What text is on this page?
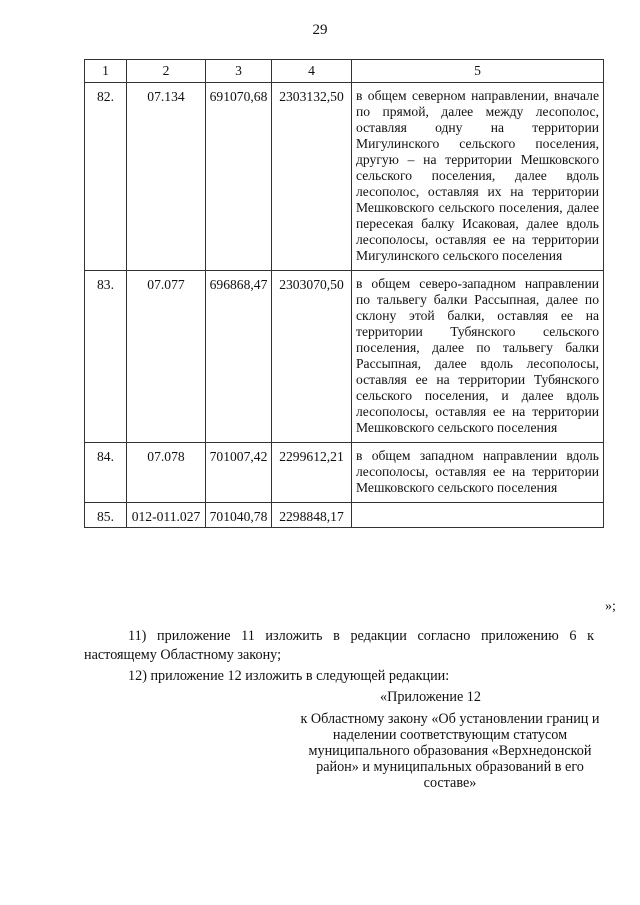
29
1	2	3	4	5
82.	07.134	691070,68	2303132,50	в общем северном направлении, вначале по прямой, далее между лесополос, оставляя одну на территории Мигулинского сельского поселения, другую – на территории Мешковского сельского поселения, далее вдоль лесополос, оставляя их на территории Мешковского сельского поселения, далее пересекая балку Исаковая, далее вдоль лесополосы, оставляя ее на территории Мигулинского сельского поселения
83.	07.077	696868,47	2303070,50	в общем северо-западном направлении по тальвегу балки Рассыпная, далее по склону этой балки, оставляя ее на территории Тубянского сельского поселения, далее по тальвегу балки Рассыпная, далее вдоль лесополосы, оставляя ее на территории Тубянского сельского поселения, и далее вдоль лесополосы, оставляя ее на территории Мешковского сельского поселения
84.	07.078	701007,42	2299612,21	в общем западном направлении вдоль лесополосы, оставляя ее на территории Мешковского сельского поселения
85.	012-011.027	701040,78	2298848,17	
»;
11) приложение 11 изложить в редакции согласно приложению 6 к настоящему Областному закону;
12) приложение 12 изложить в следующей редакции:
«Приложение 12
к Областному закону «Об установлении границ и наделении соответствующим статусом муниципального образования «Верхнедонской район» и муниципальных образований в его составе»
